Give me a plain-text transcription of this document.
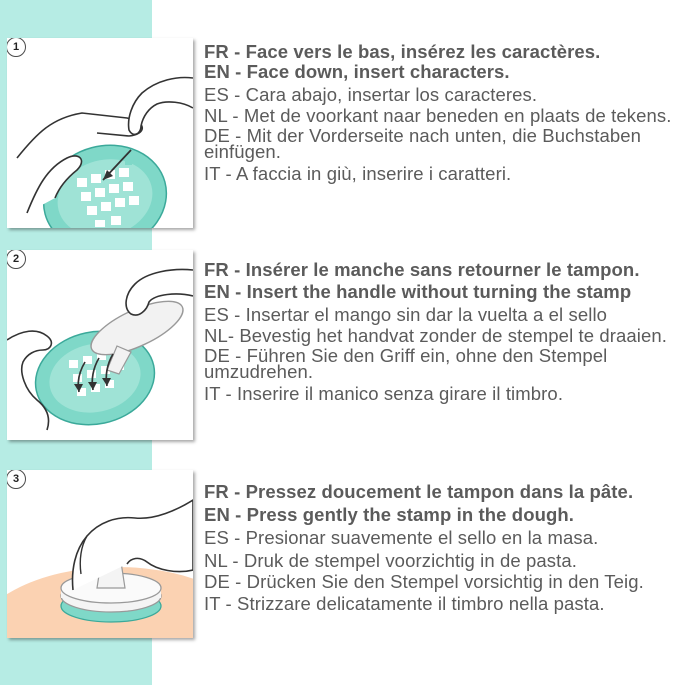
1	FR - Face vers le bas, insérez les caractères.

EN - Face down, insert characters.

ES - Cara abajo, insertar los caracteres.

NL - Met de voorkant naar beneden en plaats de tekens.

DE - Mit der Vorderseite nach unten, die Buchstaben einfügen.

IT - A faccia in giù, inserire i caratteri.

2	FR - Insérer le manche sans retourner le tampon.

EN - Insert the handle without turning the stamp

ES - Insertar el mango sin dar la vuelta a el sello

NL- Bevestig het handvat zonder de stempel te draaien.

DE - Führen Sie den Griff ein, ohne den Stempel umzudrehen.

IT - Inserire il manico senza girare il timbro.

3

FR - Pressez doucement le tampon dans la pâte.

EN - Press gently the stamp in the dough.

ES - Presionar suavemente el sello en la masa.

NL - Druk de stempel voorzichtig in de pasta.

DE - Drücken Sie den Stempel vorsichtig in den Teig.

IT - Strizzare delicatamente il timbro nella pasta.
